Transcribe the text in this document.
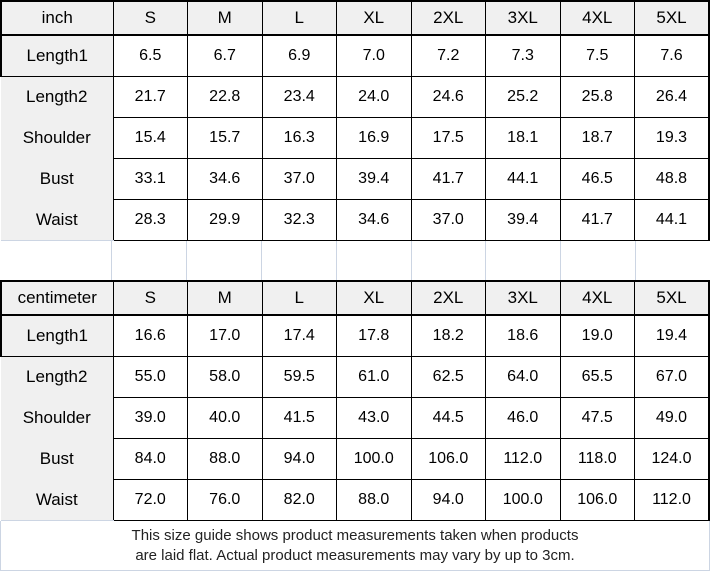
inch	S	M	L	XL	2XL	3XL	4XL	5XL
Length1	6.5	6.7	6.9	7.0	7.2	7.3	7.5	7.6
Length2	21.7	22.8	23.4	24.0	24.6	25.2	25.8	26.4
Shoulder	15.4	15.7	16.3	16.9	17.5	18.1	18.7	19.3
Bust	33.1	34.6	37.0	39.4	41.7	44.1	46.5	48.8
Waist	28.3	29.9	32.3	34.6	37.0	39.4	41.7	44.1
centimeter	S	M	L	XL	2XL	3XL	4XL	5XL
Length1	16.6	17.0	17.4	17.8	18.2	18.6	19.0	19.4
Length2	55.0	58.0	59.5	61.0	62.5	64.0	65.5	67.0
Shoulder	39.0	40.0	41.5	43.0	44.5	46.0	47.5	49.0
Bust	84.0	88.0	94.0	100.0	106.0	112.0	118.0	124.0
Waist	72.0	76.0	82.0	88.0	94.0	100.0	106.0	112.0
This size guide shows product measurements taken when products
are laid flat. Actual product measurements may vary by up to 3cm.
